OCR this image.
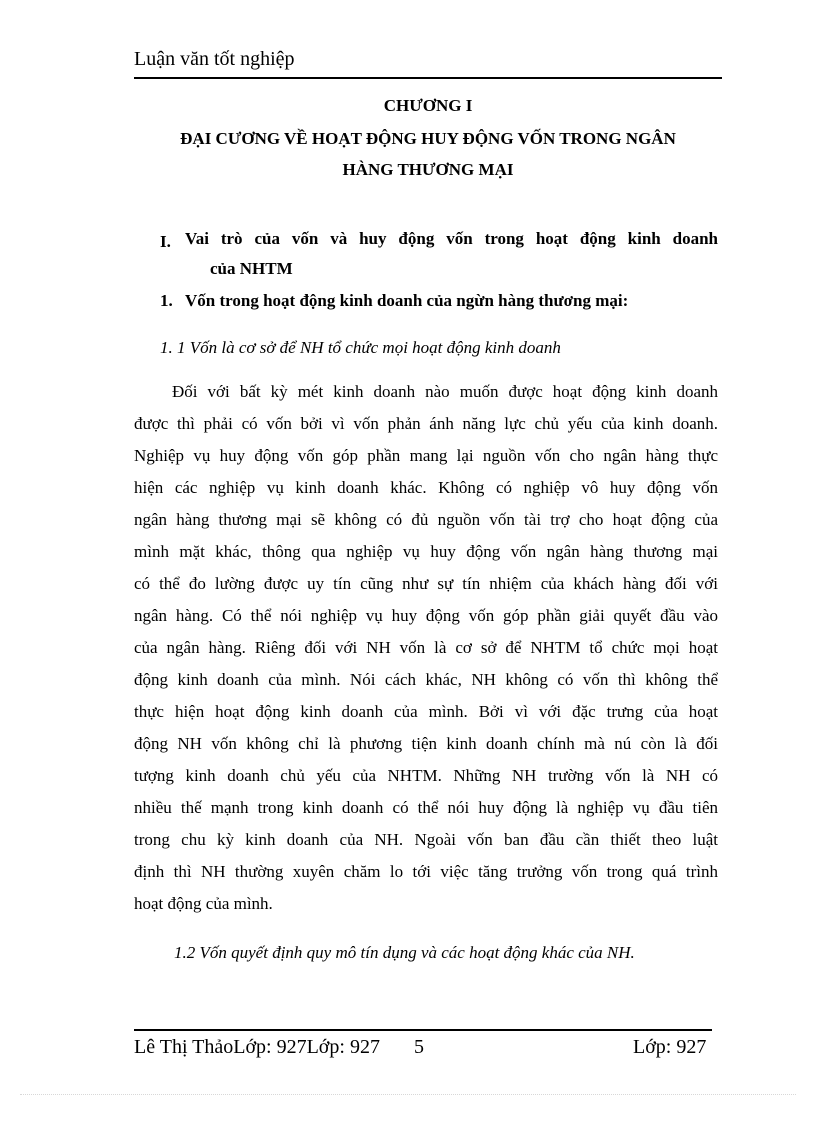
Luận văn tốt nghiệp
CHƯƠNG I
ĐẠI CƯƠNG VỀ HOẠT ĐỘNG HUY ĐỘNG VỐN TRONG NGÂN
HÀNG THƯƠNG MẠI
I. Vai trò của vốn và huy động vốn trong hoạt động kinh doanh
của NHTM
1. Vốn trong hoạt động kinh doanh của ngừn hàng thương mại:
1. 1 Vốn là cơ sở để NH tổ chức mọi hoạt động kinh doanh
Đối với bất kỳ mét kinh doanh nào muốn được hoạt động kinh doanh
được thì phải có vốn bởi vì vốn phản ánh năng lực chủ yếu của kinh doanh.
Nghiệp vụ huy động vốn góp phần mang lại nguồn vốn cho ngân hàng thực
hiện các nghiệp vụ kinh doanh khác. Không có nghiệp vô huy động vốn
ngân hàng thương mại sẽ không có đủ nguồn vốn tài trợ cho hoạt động của
mình mặt khác, thông qua nghiệp vụ huy động vốn ngân hàng thương mại
có thể đo lường được uy tín cũng như sự tín nhiệm của khách hàng đối với
ngân hàng. Có thể nói nghiệp vụ huy động vốn góp phần giải quyết đầu vào
của ngân hàng. Riêng đối với NH vốn là cơ sở để NHTM tổ chức mọi hoạt
động kinh doanh của mình. Nói cách khác, NH không có vốn thì không thể
thực hiện hoạt động kinh doanh của mình. Bởi vì với đặc trưng của hoạt
động NH vốn không chỉ là phương tiện kinh doanh chính mà nú còn là đối
tượng kinh doanh chủ yếu của NHTM. Những NH trường vốn là NH có
nhiều thế mạnh trong kinh doanh có thể nói huy động là nghiệp vụ đầu tiên
trong chu kỳ kinh doanh của NH. Ngoài vốn ban đầu cần thiết theo luật
định thì NH thường xuyên chăm lo tới việc tăng trưởng vốn trong quá trình
hoạt động của mình.
1.2 Vốn quyết định quy mô tín dụng và các hoạt động khác của NH.
Lê Thị ThảoLớp: 927Lớp: 927 5	Lớp: 927
